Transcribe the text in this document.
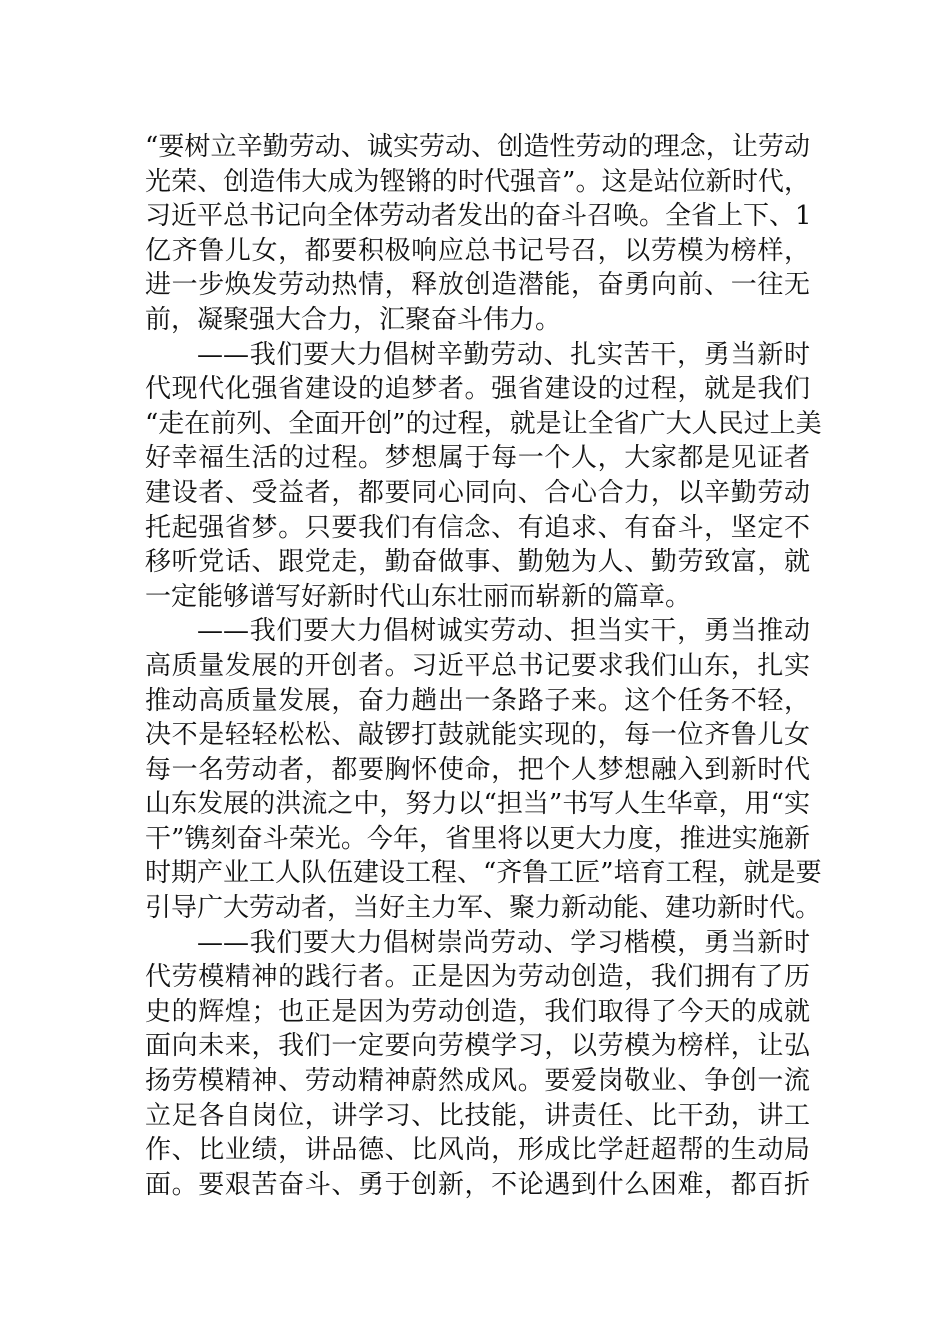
“要树立辛勤劳动、诚实劳动、创造性劳动的理念，让劳动
光荣、创造伟大成为铿锵的时代强音”。这是站位新时代，
习近平总书记向全体劳动者发出的奋斗召唤。全省上下、1
亿齐鲁儿女，都要积极响应总书记号召，以劳模为榜样，
进一步焕发劳动热情，释放创造潜能，奋勇向前、一往无
前，凝聚强大合力，汇聚奋斗伟力。
——我们要大力倡树辛勤劳动、扎实苦干，勇当新时
代现代化强省建设的追梦者。强省建设的过程，就是我们
“走在前列、全面开创”的过程，就是让全省广大人民过上美
好幸福生活的过程。梦想属于每一个人，大家都是见证者
建设者、受益者，都要同心同向、合心合力，以辛勤劳动
托起强省梦。只要我们有信念、有追求、有奋斗，坚定不
移听党话、跟党走，勤奋做事、勤勉为人、勤劳致富，就
一定能够谱写好新时代山东壮丽而崭新的篇章。
——我们要大力倡树诚实劳动、担当实干，勇当推动
高质量发展的开创者。习近平总书记要求我们山东，扎实
推动高质量发展，奋力趟出一条路子来。这个任务不轻，
决不是轻轻松松、敲锣打鼓就能实现的，每一位齐鲁儿女
每一名劳动者，都要胸怀使命，把个人梦想融入到新时代
山东发展的洪流之中，努力以“担当”书写人生华章，用“实
干”镌刻奋斗荣光。今年，省里将以更大力度，推进实施新
时期产业工人队伍建设工程、“齐鲁工匠”培育工程，就是要
引导广大劳动者，当好主力军、聚力新动能、建功新时代。
——我们要大力倡树崇尚劳动、学习楷模，勇当新时
代劳模精神的践行者。正是因为劳动创造，我们拥有了历
史的辉煌；也正是因为劳动创造，我们取得了今天的成就
面向未来，我们一定要向劳模学习，以劳模为榜样，让弘
扬劳模精神、劳动精神蔚然成风。要爱岗敬业、争创一流
立足各自岗位，讲学习、比技能，讲责任、比干劲，讲工
作、比业绩，讲品德、比风尚，形成比学赶超帮的生动局
面。要艰苦奋斗、勇于创新，不论遇到什么困难，都百折
